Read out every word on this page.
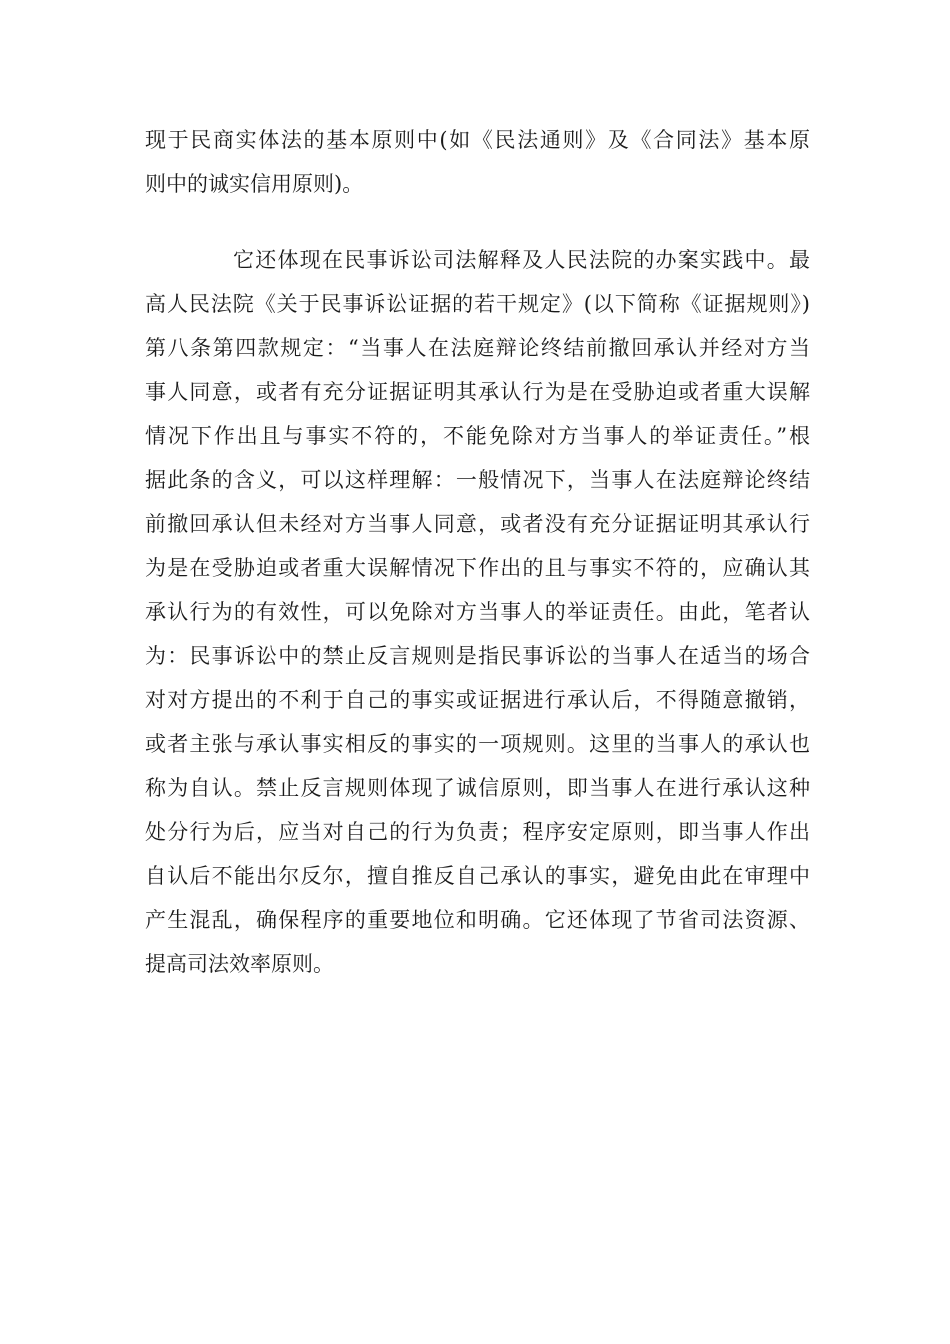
现于民商实体法的基本原则中(如《民法通则》及《合同法》基本原
则中的诚实信用原则)。
它还体现在民事诉讼司法解释及人民法院的办案实践中。最
高人民法院《关于民事诉讼证据的若干规定》(以下简称《证据规则》)
第八条第四款规定：“当事人在法庭辩论终结前撤回承认并经对方当
事人同意，或者有充分证据证明其承认行为是在受胁迫或者重大误解
情况下作出且与事实不符的，不能免除对方当事人的举证责任。”根
据此条的含义，可以这样理解：一般情况下，当事人在法庭辩论终结
前撤回承认但未经对方当事人同意，或者没有充分证据证明其承认行
为是在受胁迫或者重大误解情况下作出的且与事实不符的，应确认其
承认行为的有效性，可以免除对方当事人的举证责任。由此，笔者认
为：民事诉讼中的禁止反言规则是指民事诉讼的当事人在适当的场合
对对方提出的不利于自己的事实或证据进行承认后，不得随意撤销，
或者主张与承认事实相反的事实的一项规则。这里的当事人的承认也
称为自认。禁止反言规则体现了诚信原则，即当事人在进行承认这种
处分行为后，应当对自己的行为负责；程序安定原则，即当事人作出
自认后不能出尔反尔，擅自推反自己承认的事实，避免由此在审理中
产生混乱，确保程序的重要地位和明确。它还体现了节省司法资源、
提高司法效率原则。
